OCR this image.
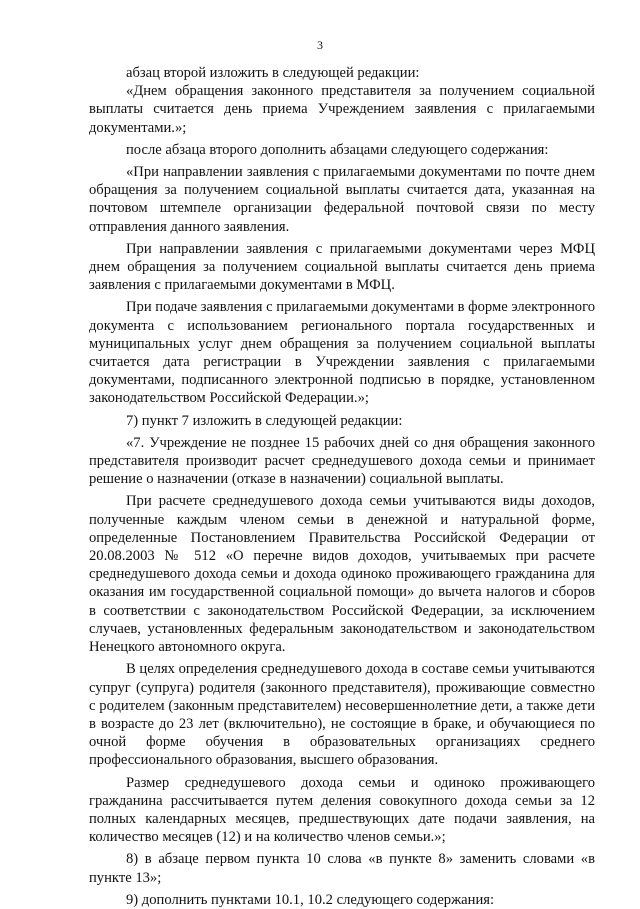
3

абзац второй изложить в следующей редакции:

«Днем обращения законного представителя за получением социальной выплаты считается день приема Учреждением заявления с прилагаемыми документами.»;

после абзаца второго дополнить абзацами следующего содержания:

«При направлении заявления с прилагаемыми документами по почте днем обращения за получением социальной выплаты считается дата, указанная на почтовом штемпеле организации федеральной почтовой связи по месту отправления данного заявления.

При направлении заявления с прилагаемыми документами через МФЦ днем обращения за получением социальной выплаты считается день приема заявления с прилагаемыми документами в МФЦ.

При подаче заявления с прилагаемыми документами в форме электронного документа с использованием регионального портала государственных и муниципальных услуг днем обращения за получением социальной выплаты считается дата регистрации в Учреждении заявления с прилагаемыми документами, подписанного электронной подписью в порядке, установленном законодательством Российской Федерации.»;

7) пункт 7 изложить в следующей редакции:

«7. Учреждение не позднее 15 рабочих дней со дня обращения законного представителя производит расчет среднедушевого дохода семьи и принимает решение о назначении (отказе в назначении) социальной выплаты.

При расчете среднедушевого дохода семьи учитываются виды доходов, полученные каждым членом семьи в денежной и натуральной форме, определенные Постановлением Правительства Российской Федерации от 20.08.2003 № 512 «О перечне видов доходов, учитываемых при расчете среднедушевого дохода семьи и дохода одиноко проживающего гражданина для оказания им государственной социальной помощи» до вычета налогов и сборов в соответствии с законодательством Российской Федерации, за исключением случаев, установленных федеральным законодательством и законодательством Ненецкого автономного округа.

В целях определения среднедушевого дохода в составе семьи учитываются супруг (супруга) родителя (законного представителя), проживающие совместно с родителем (законным представителем) несовершеннолетние дети, а также дети в возрасте до 23 лет (включительно), не состоящие в браке, и обучающиеся по очной форме обучения в образовательных организациях среднего профессионального образования, высшего образования.

Размер среднедушевого дохода семьи и одиноко проживающего гражданина рассчитывается путем деления совокупного дохода семьи за 12 полных календарных месяцев, предшествующих дате подачи заявления, на количество месяцев (12) и на количество членов семьи.»;

8) в абзаце первом пункта 10 слова «в пункте 8» заменить словами «в пункте 13»;

9) дополнить пунктами 10.1, 10.2 следующего содержания:
